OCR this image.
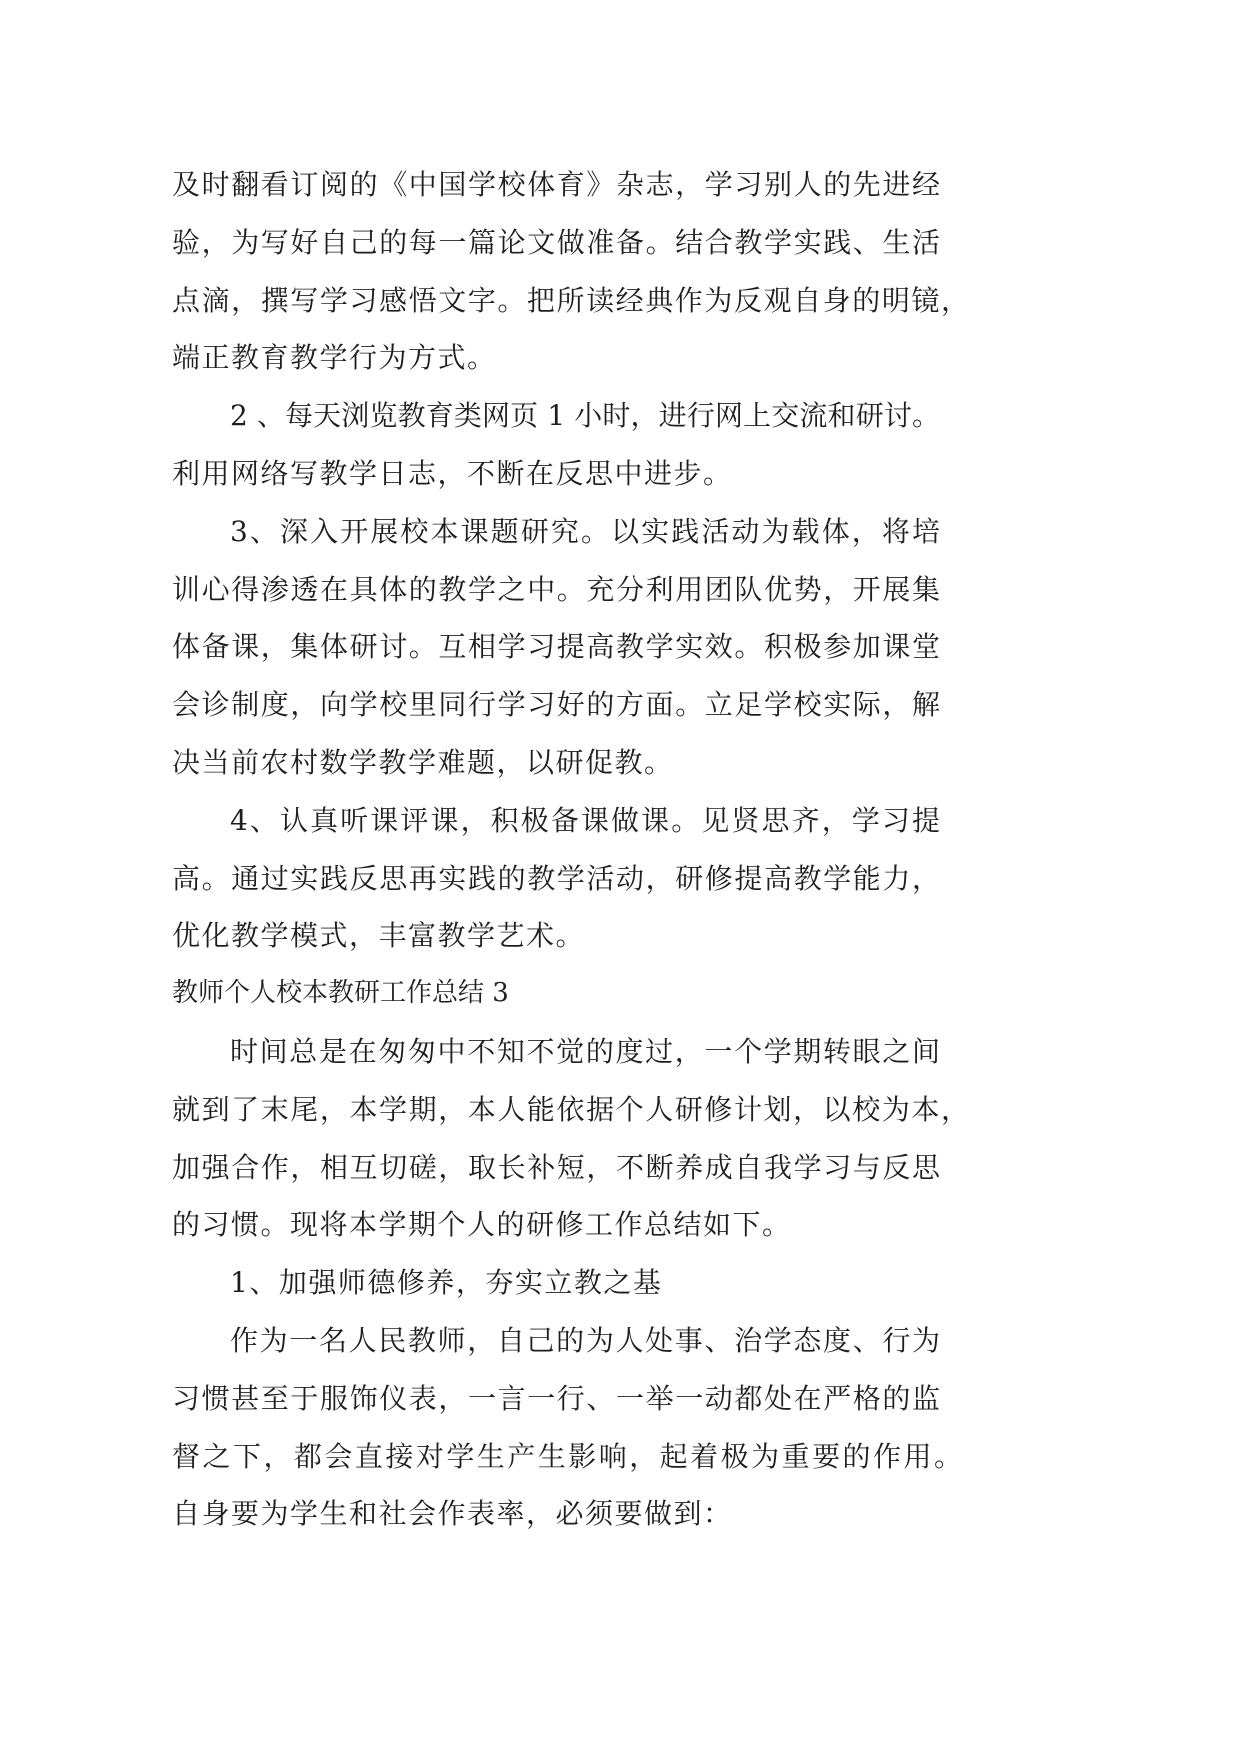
及时翻看订阅的《中国学校体育》杂志，学习别人的先进经
验，为写好自己的每一篇论文做准备。结合教学实践、生活
点滴，撰写学习感悟文字。把所读经典作为反观自身的明镜，
端正教育教学行为方式。
2 、每天浏览教育类网页 1 小时，进行网上交流和研讨。
利用网络写教学日志，不断在反思中进步。
3、深入开展校本课题研究。以实践活动为载体，将培
训心得渗透在具体的教学之中。充分利用团队优势，开展集
体备课，集体研讨。互相学习提高教学实效。积极参加课堂
会诊制度，向学校里同行学习好的方面。立足学校实际，解
决当前农村数学教学难题，以研促教。
4、认真听课评课，积极备课做课。见贤思齐，学习提
高。通过实践反思再实践的教学活动，研修提高教学能力，
优化教学模式，丰富教学艺术。
教师个人校本教研工作总结 3
时间总是在匆匆中不知不觉的度过，一个学期转眼之间
就到了末尾，本学期，本人能依据个人研修计划，以校为本，
加强合作，相互切磋，取长补短，不断养成自我学习与反思
的习惯。现将本学期个人的研修工作总结如下。
1、加强师德修养，夯实立教之基
作为一名人民教师，自己的为人处事、治学态度、行为
习惯甚至于服饰仪表，一言一行、一举一动都处在严格的监
督之下，都会直接对学生产生影响，起着极为重要的作用。
自身要为学生和社会作表率，必须要做到：
